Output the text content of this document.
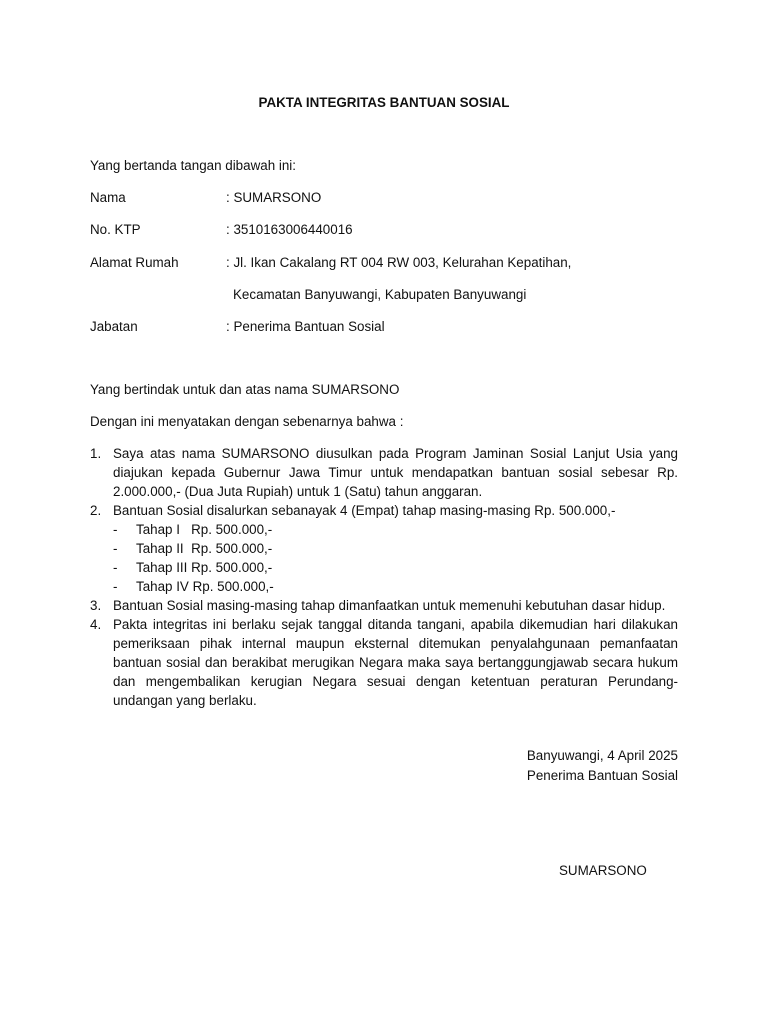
PAKTA INTEGRITAS BANTUAN SOSIAL
Yang bertanda tangan dibawah ini:
Nama	: SUMARSONO
No. KTP	: 3510163006440016
Alamat Rumah	: Jl. Ikan Cakalang RT 004 RW 003, Kelurahan Kepatihan,
Kecamatan Banyuwangi, Kabupaten Banyuwangi
Jabatan	: Penerima Bantuan Sosial
Yang bertindak untuk dan atas nama SUMARSONO
Dengan ini menyatakan dengan sebenarnya bahwa :
1. Saya atas nama SUMARSONO diusulkan pada Program Jaminan Sosial Lanjut Usia yang diajukan kepada Gubernur Jawa Timur untuk mendapatkan bantuan sosial sebesar Rp. 2.000.000,- (Dua Juta Rupiah) untuk 1 (Satu) tahun anggaran.
2. Bantuan Sosial disalurkan sebanayak 4 (Empat) tahap masing-masing Rp. 500.000,-
- Tahap I   Rp. 500.000,-
- Tahap II  Rp. 500.000,-
- Tahap III Rp. 500.000,-
- Tahap IV Rp. 500.000,-
3. Bantuan Sosial masing-masing tahap dimanfaatkan untuk memenuhi kebutuhan dasar hidup.
4. Pakta integritas ini berlaku sejak tanggal ditanda tangani, apabila dikemudian hari dilakukan pemeriksaan pihak internal maupun eksternal ditemukan penyalahgunaan pemanfaatan bantuan sosial dan berakibat merugikan Negara maka saya bertanggungjawab secara hukum dan mengembalikan kerugian Negara sesuai dengan ketentuan peraturan Perundang-undangan yang berlaku.
Banyuwangi, 4 April 2025
Penerima Bantuan Sosial
SUMARSONO
